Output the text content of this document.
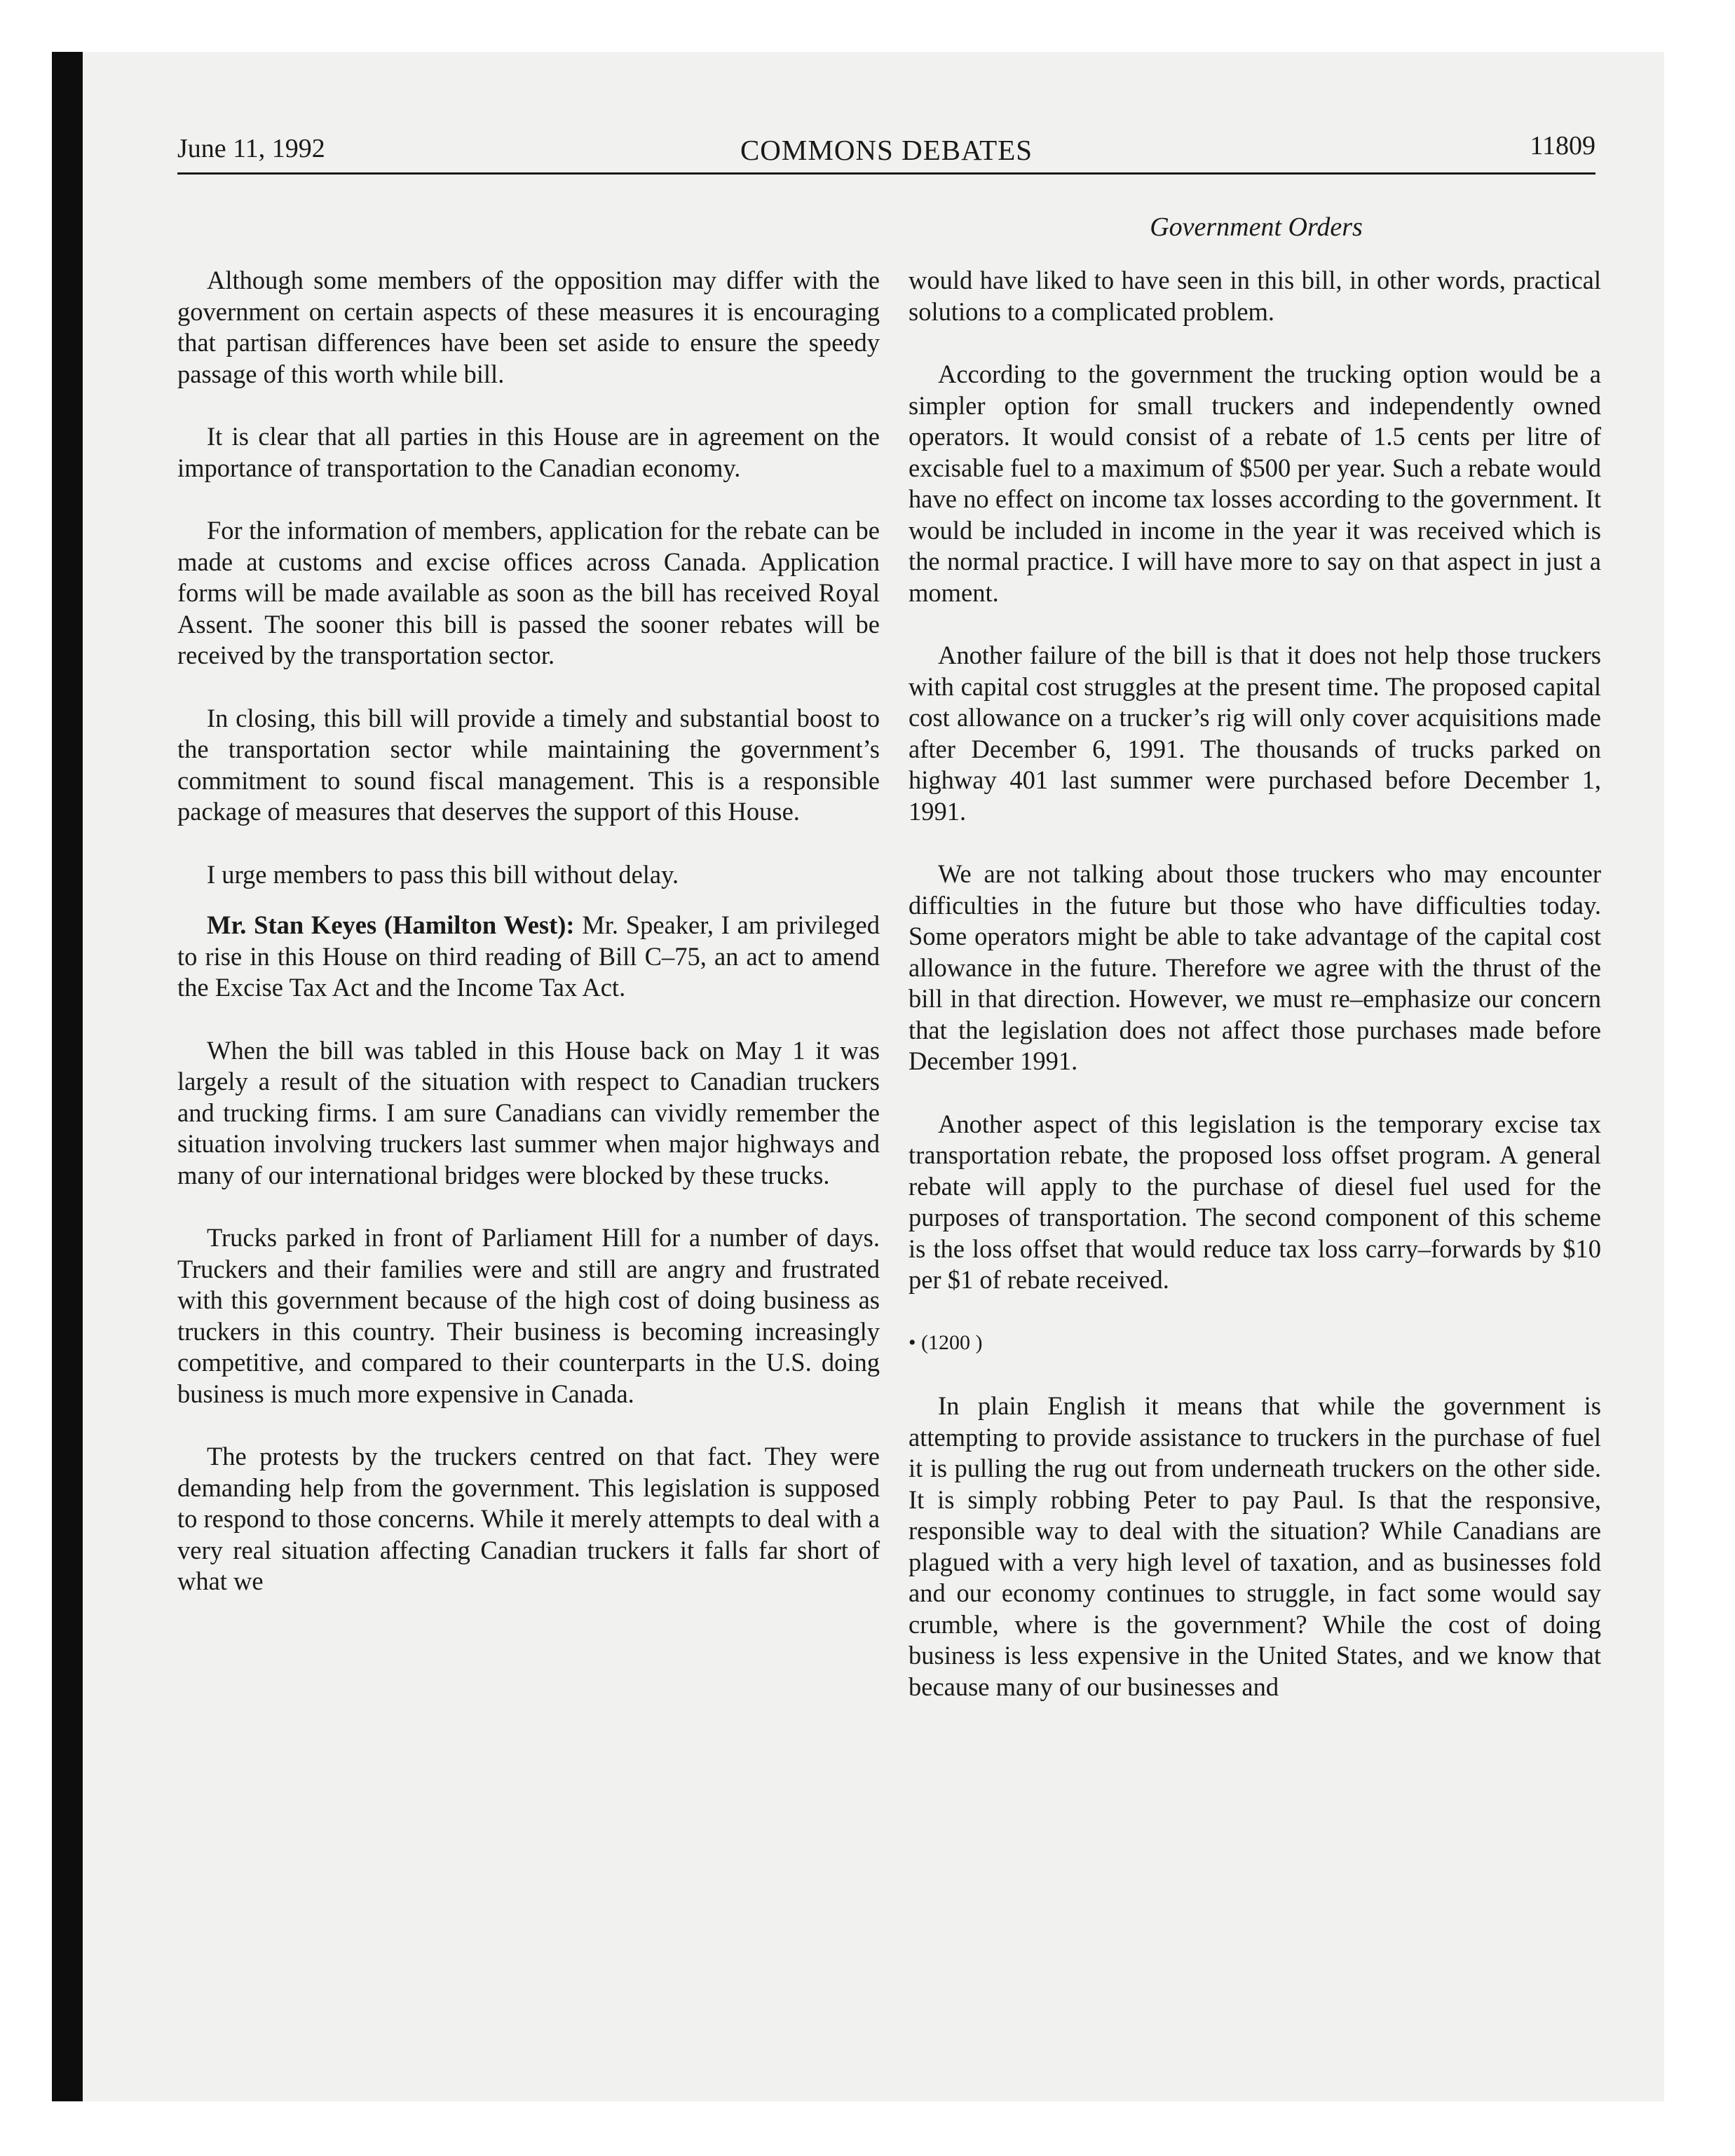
June 11, 1992	COMMONS DEBATES	11809
Government Orders

Although some members of the opposition may differ with the government on certain aspects of these measures it is encouraging that partisan differences have been set aside to ensure the speedy passage of this worth while bill.

It is clear that all parties in this House are in agreement on the importance of transportation to the Canadian economy.

For the information of members, application for the rebate can be made at customs and excise offices across Canada. Application forms will be made available as soon as the bill has received Royal Assent. The sooner this bill is passed the sooner rebates will be received by the transportation sector.

In closing, this bill will provide a timely and substantial boost to the transportation sector while maintaining the government’s commitment to sound fiscal management. This is a responsible package of measures that deserves the support of this House.

I urge members to pass this bill without delay.

Mr. Stan Keyes (Hamilton West): Mr. Speaker, I am privileged to rise in this House on third reading of Bill C–75, an act to amend the Excise Tax Act and the Income Tax Act.

When the bill was tabled in this House back on May 1 it was largely a result of the situation with respect to Canadian truckers and trucking firms. I am sure Canadians can vividly remember the situation involving truckers last summer when major highways and many of our international bridges were blocked by these trucks.

Trucks parked in front of Parliament Hill for a number of days. Truckers and their families were and still are angry and frustrated with this government because of the high cost of doing business as truckers in this country. Their business is becoming increasingly competitive, and compared to their counterparts in the U.S. doing business is much more expensive in Canada.

The protests by the truckers centred on that fact. They were demanding help from the government. This legislation is supposed to respond to those concerns. While it merely attempts to deal with a very real situation affecting Canadian truckers it falls far short of what we

would have liked to have seen in this bill, in other words, practical solutions to a complicated problem.

According to the government the trucking option would be a simpler option for small truckers and independently owned operators. It would consist of a rebate of 1.5 cents per litre of excisable fuel to a maximum of $500 per year. Such a rebate would have no effect on income tax losses according to the government. It would be included in income in the year it was received which is the normal practice. I will have more to say on that aspect in just a moment.

Another failure of the bill is that it does not help those truckers with capital cost struggles at the present time. The proposed capital cost allowance on a trucker’s rig will only cover acquisitions made after December 6, 1991. The thousands of trucks parked on highway 401 last summer were purchased before December 1, 1991.

We are not talking about those truckers who may encounter difficulties in the future but those who have difficulties today. Some operators might be able to take advantage of the capital cost allowance in the future. Therefore we agree with the thrust of the bill in that direction. However, we must re–emphasize our concern that the legislation does not affect those purchases made before December 1991.

Another aspect of this legislation is the temporary excise tax transportation rebate, the proposed loss offset program. A general rebate will apply to the purchase of diesel fuel used for the purposes of transportation. The second component of this scheme is the loss offset that would reduce tax loss carry–forwards by $10 per $1 of rebate received.

• (1200 )

In plain English it means that while the government is attempting to provide assistance to truckers in the purchase of fuel it is pulling the rug out from underneath truckers on the other side. It is simply robbing Peter to pay Paul. Is that the responsive, responsible way to deal with the situation? While Canadians are plagued with a very high level of taxation, and as businesses fold and our economy continues to struggle, in fact some would say crumble, where is the government? While the cost of doing business is less expensive in the United States, and we know that because many of our businesses and
